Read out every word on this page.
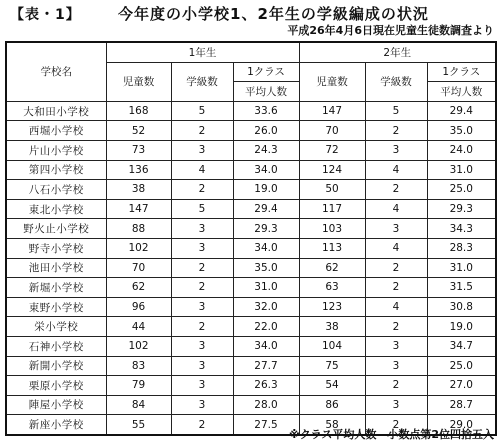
【表・1】 今年度の小学校1、2年生の学級編成の状況
平成26年4月6日現在児童生徒数調査より
学校名	1年生			2年生		
	児童数	学級数	1クラス	児童数	学級数	1クラス
			平均人数			平均人数
大和田小学校	168	5	33.6	147	5	29.4
西堀小学校	52	2	26.0	70	2	35.0
片山小学校	73	3	24.3	72	3	24.0
第四小学校	136	4	34.0	124	4	31.0
八石小学校	38	2	19.0	50	2	25.0
東北小学校	147	5	29.4	117	4	29.3
野火止小学校	88	3	29.3	103	3	34.3
野寺小学校	102	3	34.0	113	4	28.3
池田小学校	70	2	35.0	62	2	31.0
新堀小学校	62	2	31.0	63	2	31.5
東野小学校	96	3	32.0	123	4	30.8
栄小学校	44	2	22.0	38	2	19.0
石神小学校	102	3	34.0	104	3	34.7
新開小学校	83	3	27.7	75	3	25.0
栗原小学校	79	3	26.3	54	2	27.0
陣屋小学校	84	3	28.0	86	3	28.7
新座小学校	55	2	27.5	58	2	29.0
※クラス平均人数　小数点第2位四捨五入
